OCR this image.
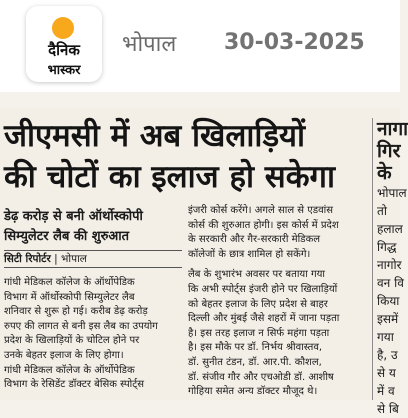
दैनिक
भास्कर
भोपाल 30-03-2025
जीएमसी में अब खिलाड़ियों
की चोटों का इलाज हो सकेगा
डेढ़ करोड़ से बनी ऑर्थोस्कोपी
सिम्युलेटर लैब की शुरुआत
सिटी रिपोर्टर | भोपाल
गांधी मेडिकल कॉलेज के ऑर्थोपेडिक
विभाग में ऑर्थोस्कोपी सिम्युलेटर लैब
शनिवार से शुरू हो गई। करीब डेढ़ करोड़
रुपए की लागत से बनी इस लैब का उपयोग
प्रदेश के खिलाड़ियों के चोटिल होने पर
उनके बेहतर इलाज के लिए होगा।
गांधी मेडिकल कॉलेज के ऑर्थोपेडिक
विभाग के रेसिडेंट डॉक्टर बेसिक स्पोर्ट्स
इंजरी कोर्स करेंगे। अगले साल से एडवांस
कोर्स की शुरुआत होगी। इस कोर्स में प्रदेश
के सरकारी और गैर-सरकारी मेडिकल
कॉलेजों के छात्र शामिल हो सकेंगे।
लैब के शुभारंभ अवसर पर बताया गया
कि अभी स्पोर्ट्स इंजरी होने पर खिलाड़ियों
को बेहतर इलाज के लिए प्रदेश से बाहर
दिल्ली और मुंबई जैसे शहरों में जाना पड़ता
है। इस तरह इलाज न सिर्फ महंगा पड़ता
है। इस मौके पर डॉ. निर्भय श्रीवास्तव,
डॉ. सुनीत टंडन, डॉ. आर.पी. कौशल,
डॉ. संजीव गौर और एचओडी डॉ. आशीष
गोहिया समेत अन्य डॉक्टर मौजूद थे।
नागा
गिर
के
भोपाल
तो
हलाल
गिद्ध
नागोर
वन वि
किया
इसमें
गया
है, उ
से य
में व
से बि
